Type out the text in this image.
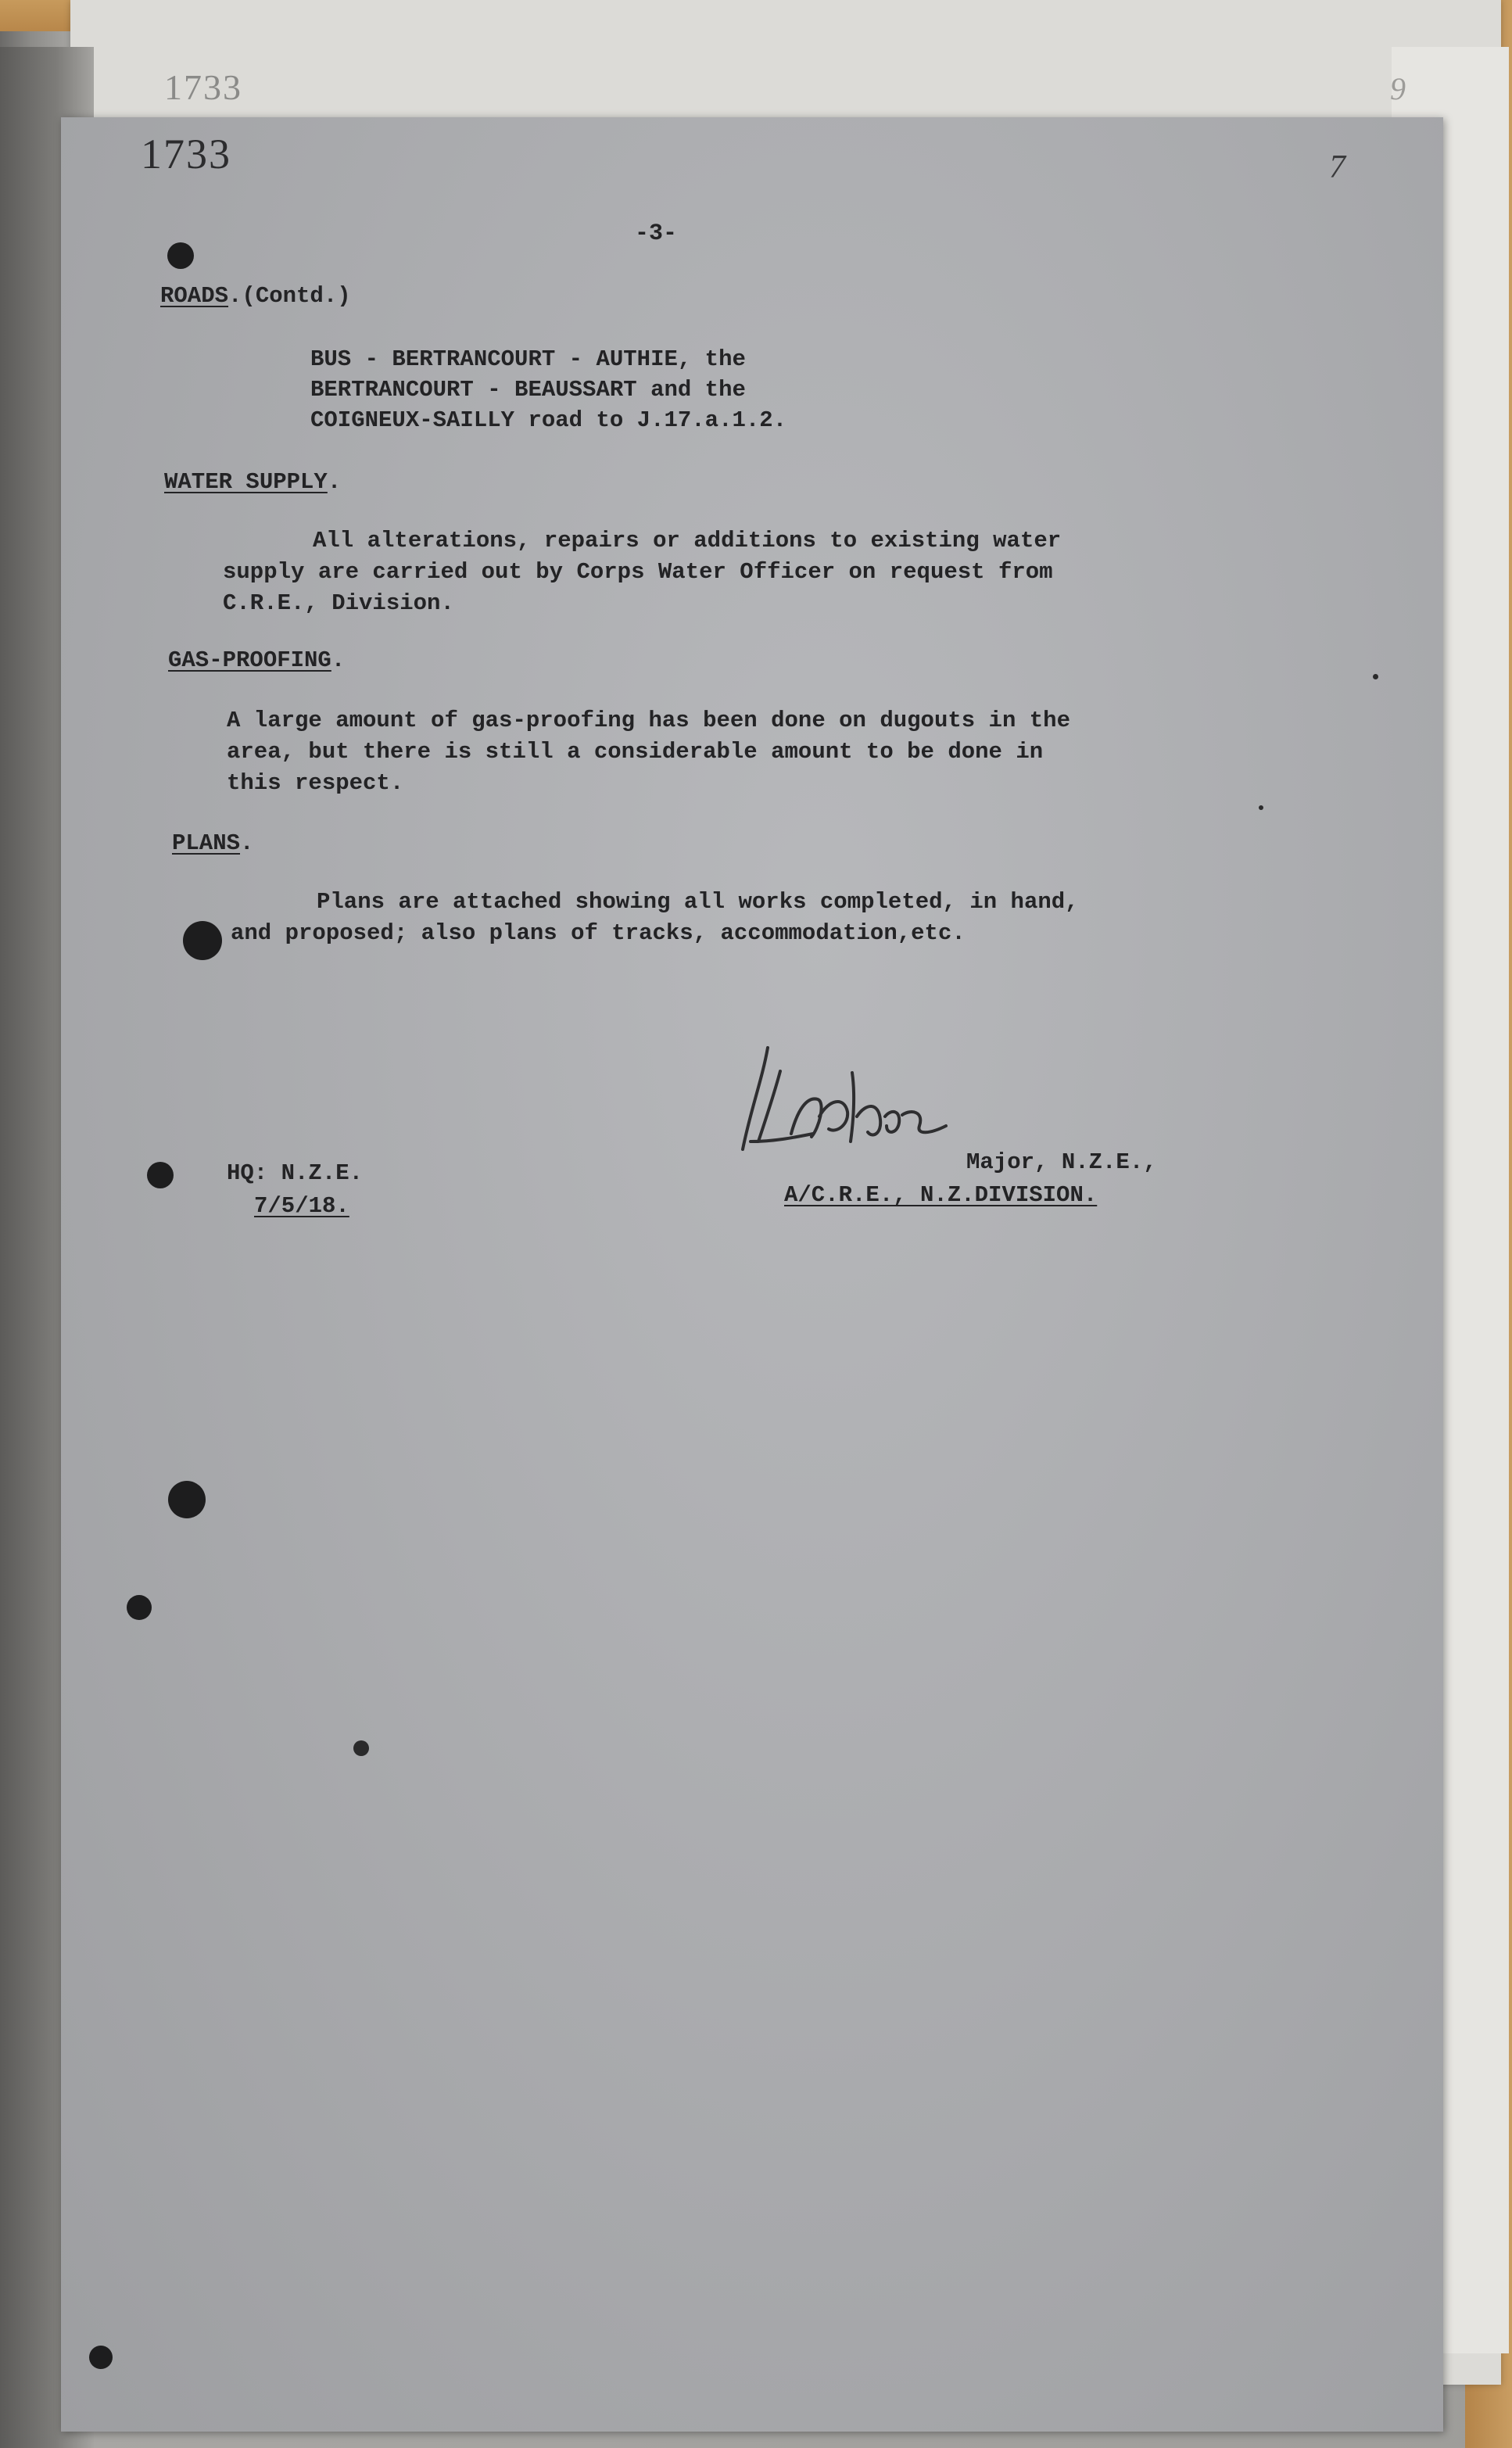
1733	9
1733	7
-3-
ROADS.(Contd.)
BUS - BERTRANCOURT - AUTHIE, the
BERTRANCOURT - BEAUSSART and the
COIGNEUX-SAILLY road to J.17.a.1.2.
WATER SUPPLY.
All alterations, repairs or additions to existing water
supply are carried out by Corps Water Officer on request from
C.R.E., Division.
GAS-PROOFING.
A large amount of gas-proofing has been done on dugouts in the
area, but there is still a considerable amount to be done in
this respect.
PLANS.
Plans are attached showing all works completed, in hand,
and proposed; also plans of tracks, accommodation,etc.
HQ: N.Z.E.
7/5/18.
Major, N.Z.E.,
A/C.R.E., N.Z.DIVISION.
